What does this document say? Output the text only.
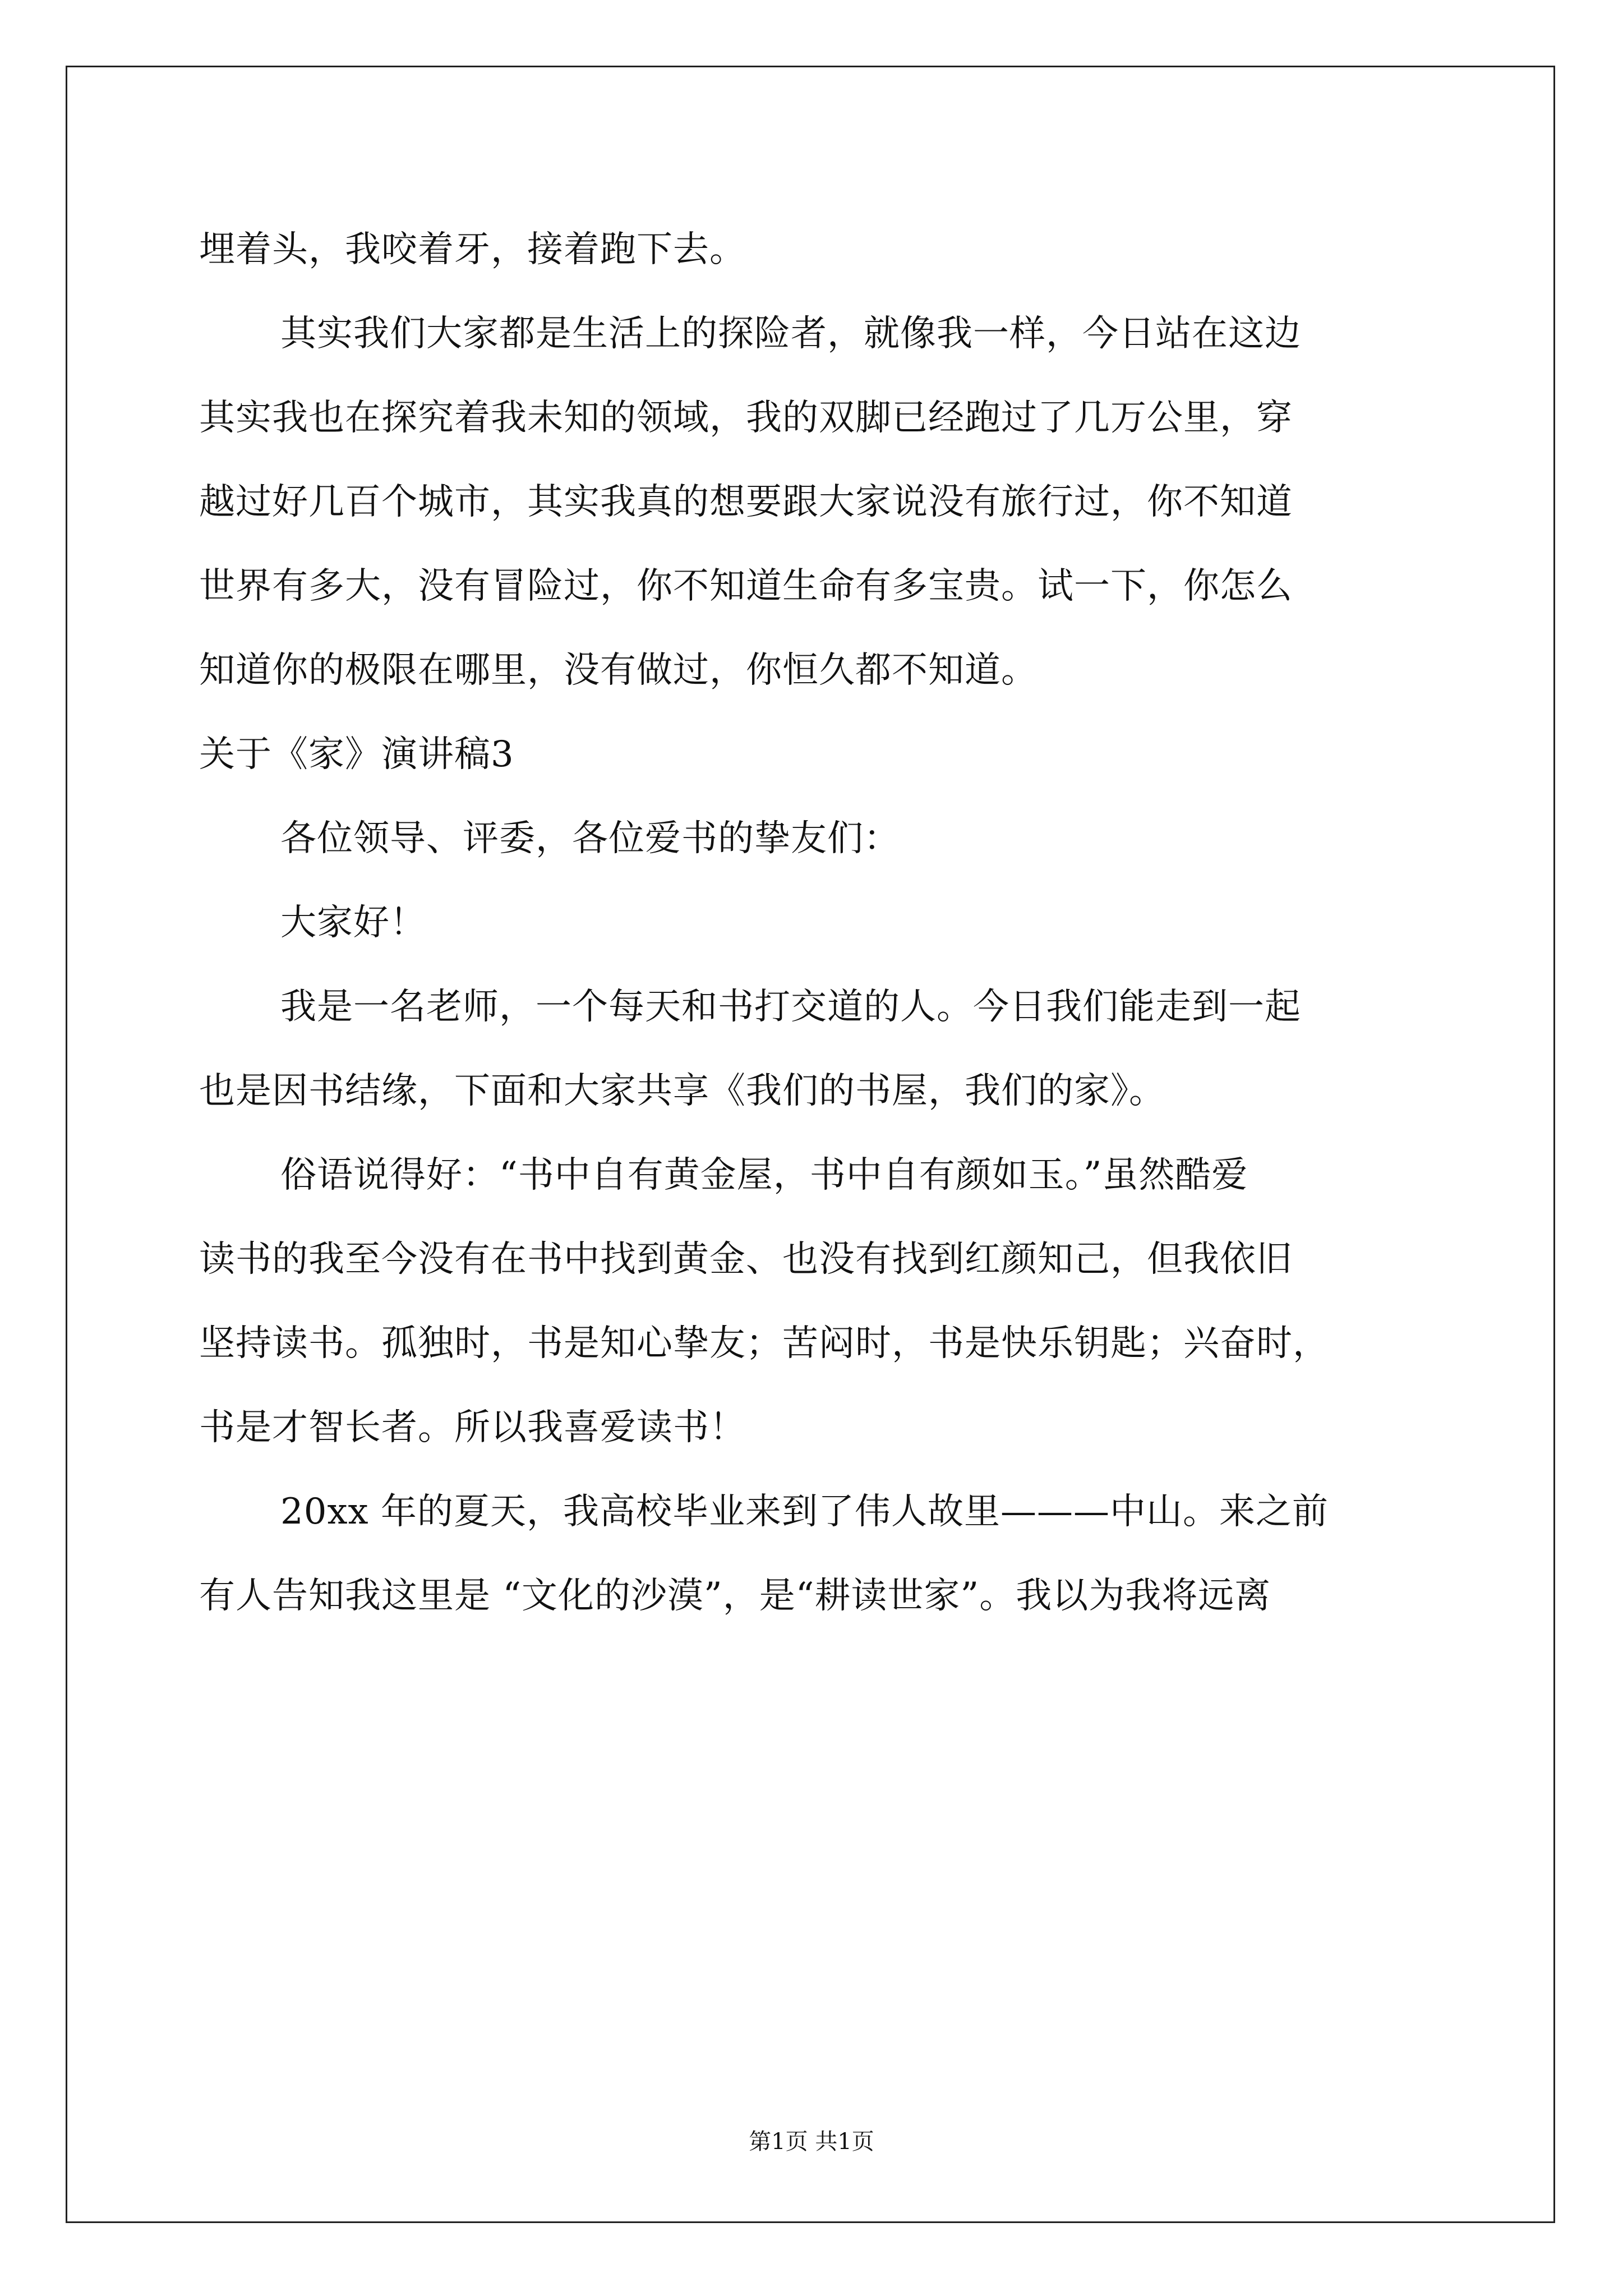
埋着头，我咬着牙，接着跑下去。
其实我们大家都是生活上的探险者，就像我一样，今日站在这边
其实我也在探究着我未知的领域，我的双脚已经跑过了几万公里，穿
越过好几百个城市，其实我真的想要跟大家说没有旅行过，你不知道
世界有多大，没有冒险过，你不知道生命有多宝贵。试一下，你怎么
知道你的极限在哪里，没有做过，你恒久都不知道。
关于《家》演讲稿3
各位领导、评委，各位爱书的挚友们：
大家好！
我是一名老师，一个每天和书打交道的人。今日我们能走到一起
也是因书结缘，下面和大家共享《我们的书屋，我们的家》。
俗语说得好：“书中自有黄金屋，书中自有颜如玉。”虽然酷爱
读书的我至今没有在书中找到黄金、也没有找到红颜知己，但我依旧
坚持读书。孤独时，书是知心挚友；苦闷时，书是快乐钥匙；兴奋时，
书是才智长者。所以我喜爱读书！
20xx 年的夏天，我高校毕业来到了伟人故里———中山。来之前
有人告知我这里是 “文化的沙漠”，是“耕读世家”。我以为我将远离
第1页 共1页
